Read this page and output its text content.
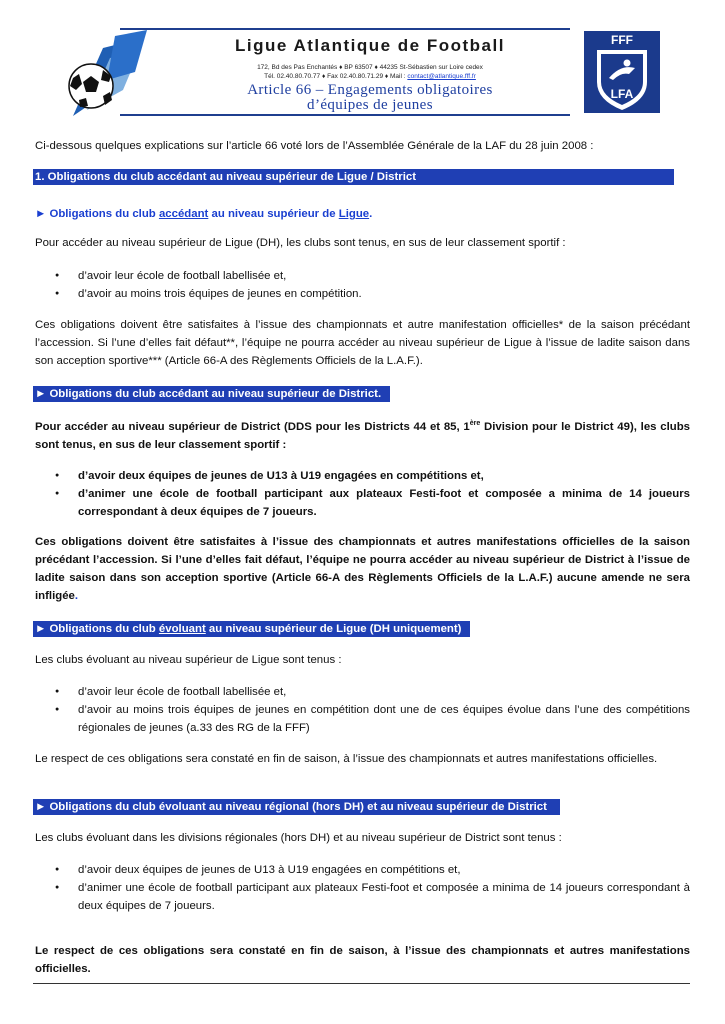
Ligue Atlantique de Football
172, Bd des Pas Enchantés ♦ BP 63507 ♦ 44235 St-Sébastien sur Loire cedex
Tél. 02.40.80.70.77 ♦ Fax 02.40.80.71.29 ♦ Mail : contact@atlantique.fff.fr
Article 66 – Engagements obligatoires
d’équipes de jeunes
FFF
LFA
Ci-dessous quelques explications sur l’article 66 voté lors de l’Assemblée Générale de la LAF du 28 juin 2008 :
1. Obligations du club accédant au niveau supérieur de Ligue / District
► Obligations du club accédant au niveau supérieur de Ligue.
Pour accéder au niveau supérieur de Ligue (DH), les clubs sont tenus, en sus de leur classement sportif :
● d’avoir leur école de football labellisée et,
● d’avoir au moins trois équipes de jeunes en compétition.
Ces obligations doivent être satisfaites à l’issue des championnats et autre manifestation officielles* de la saison précédant l’accession. Si l’une d’elles fait défaut**, l’équipe ne pourra accéder au niveau supérieur de Ligue à l’issue de ladite saison dans son acception sportive*** (Article 66-A des Règlements Officiels de la L.A.F.).
► Obligations du club accédant au niveau supérieur de District.
Pour accéder au niveau supérieur de District (DDS pour les Districts 44 et 85, 1ère Division pour le District 49), les clubs sont tenus, en sus de leur classement sportif :
● d’avoir deux équipes de jeunes de U13 à U19 engagées en compétitions et,
● d’animer une école de football participant aux plateaux Festi-foot et composée a minima de 14 joueurs correspondant à deux équipes de 7 joueurs.
Ces obligations doivent être satisfaites à l’issue des championnats et autres manifestations officielles de la saison précédant l’accession. Si l’une d’elles fait défaut, l’équipe ne pourra accéder au niveau supérieur de District à l’issue de ladite saison dans son acception sportive (Article 66-A des Règlements Officiels de la L.A.F.) aucune amende ne sera infligée.
► Obligations du club évoluant au niveau supérieur de Ligue (DH uniquement)
Les clubs évoluant au niveau supérieur de Ligue sont tenus :
● d’avoir leur école de football labellisée et,
● d’avoir au moins trois équipes de jeunes en compétition dont une de ces équipes évolue dans l’une des compétitions régionales de jeunes (a.33 des RG de la FFF)
Le respect de ces obligations sera constaté en fin de saison, à l’issue des championnats et autres manifestations officielles.
► Obligations du club évoluant au niveau régional (hors DH) et au niveau supérieur de District
Les clubs évoluant dans les divisions régionales (hors DH) et au niveau supérieur de District sont tenus :
● d’avoir deux équipes de jeunes de U13 à U19 engagées en compétitions et,
● d’animer une école de football participant aux plateaux Festi-foot et composée a minima de 14 joueurs correspondant à deux équipes de 7 joueurs.
Le respect de ces obligations sera constaté en fin de saison, à l’issue des championnats et autres manifestations officielles.
